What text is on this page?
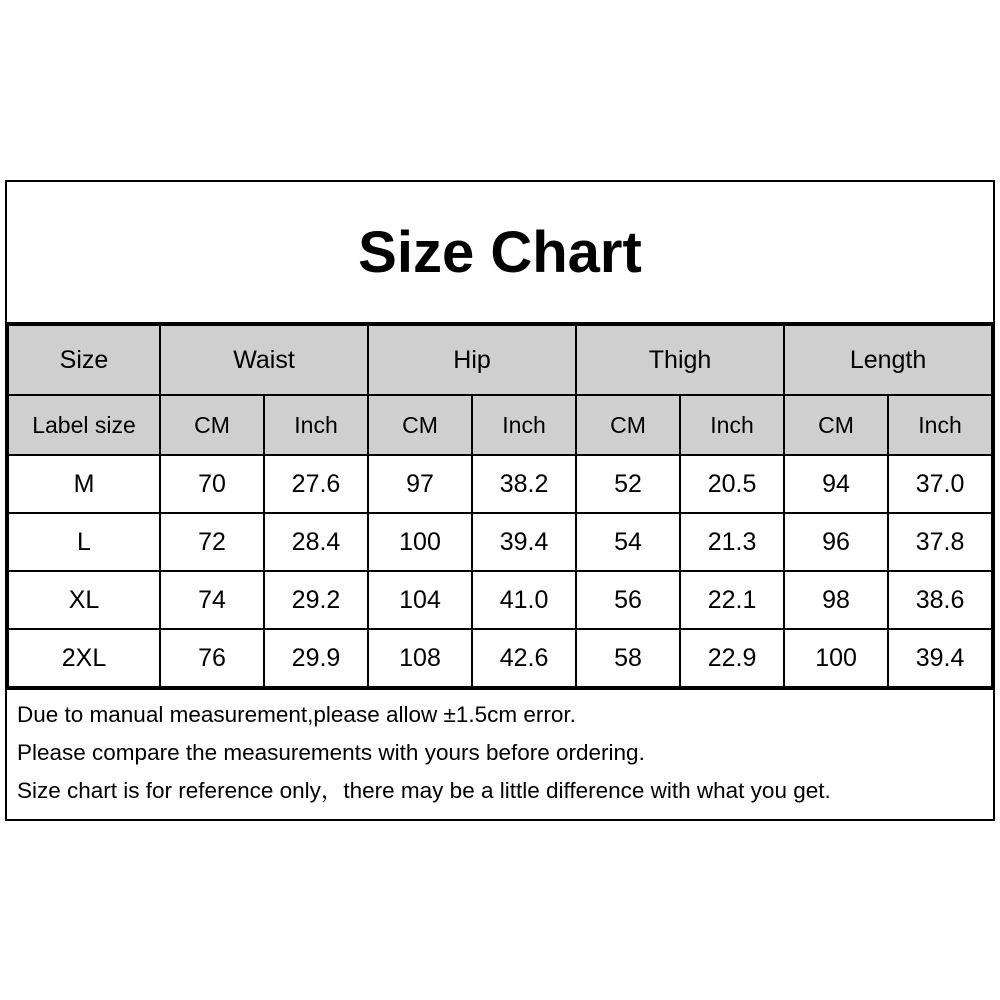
Size Chart
Size	Waist		Hip		Thigh		Length	
Label size	CM	Inch	CM	Inch	CM	Inch	CM	Inch
M	70	27.6	97	38.2	52	20.5	94	37.0
L	72	28.4	100	39.4	54	21.3	96	37.8
XL	74	29.2	104	41.0	56	22.1	98	38.6
2XL	76	29.9	108	42.6	58	22.9	100	39.4

Due to manual measurement,please allow ±1.5cm error.

Please compare the measurements with yours before ordering.

Size chart is for reference only，there may be a little difference with what you get.
